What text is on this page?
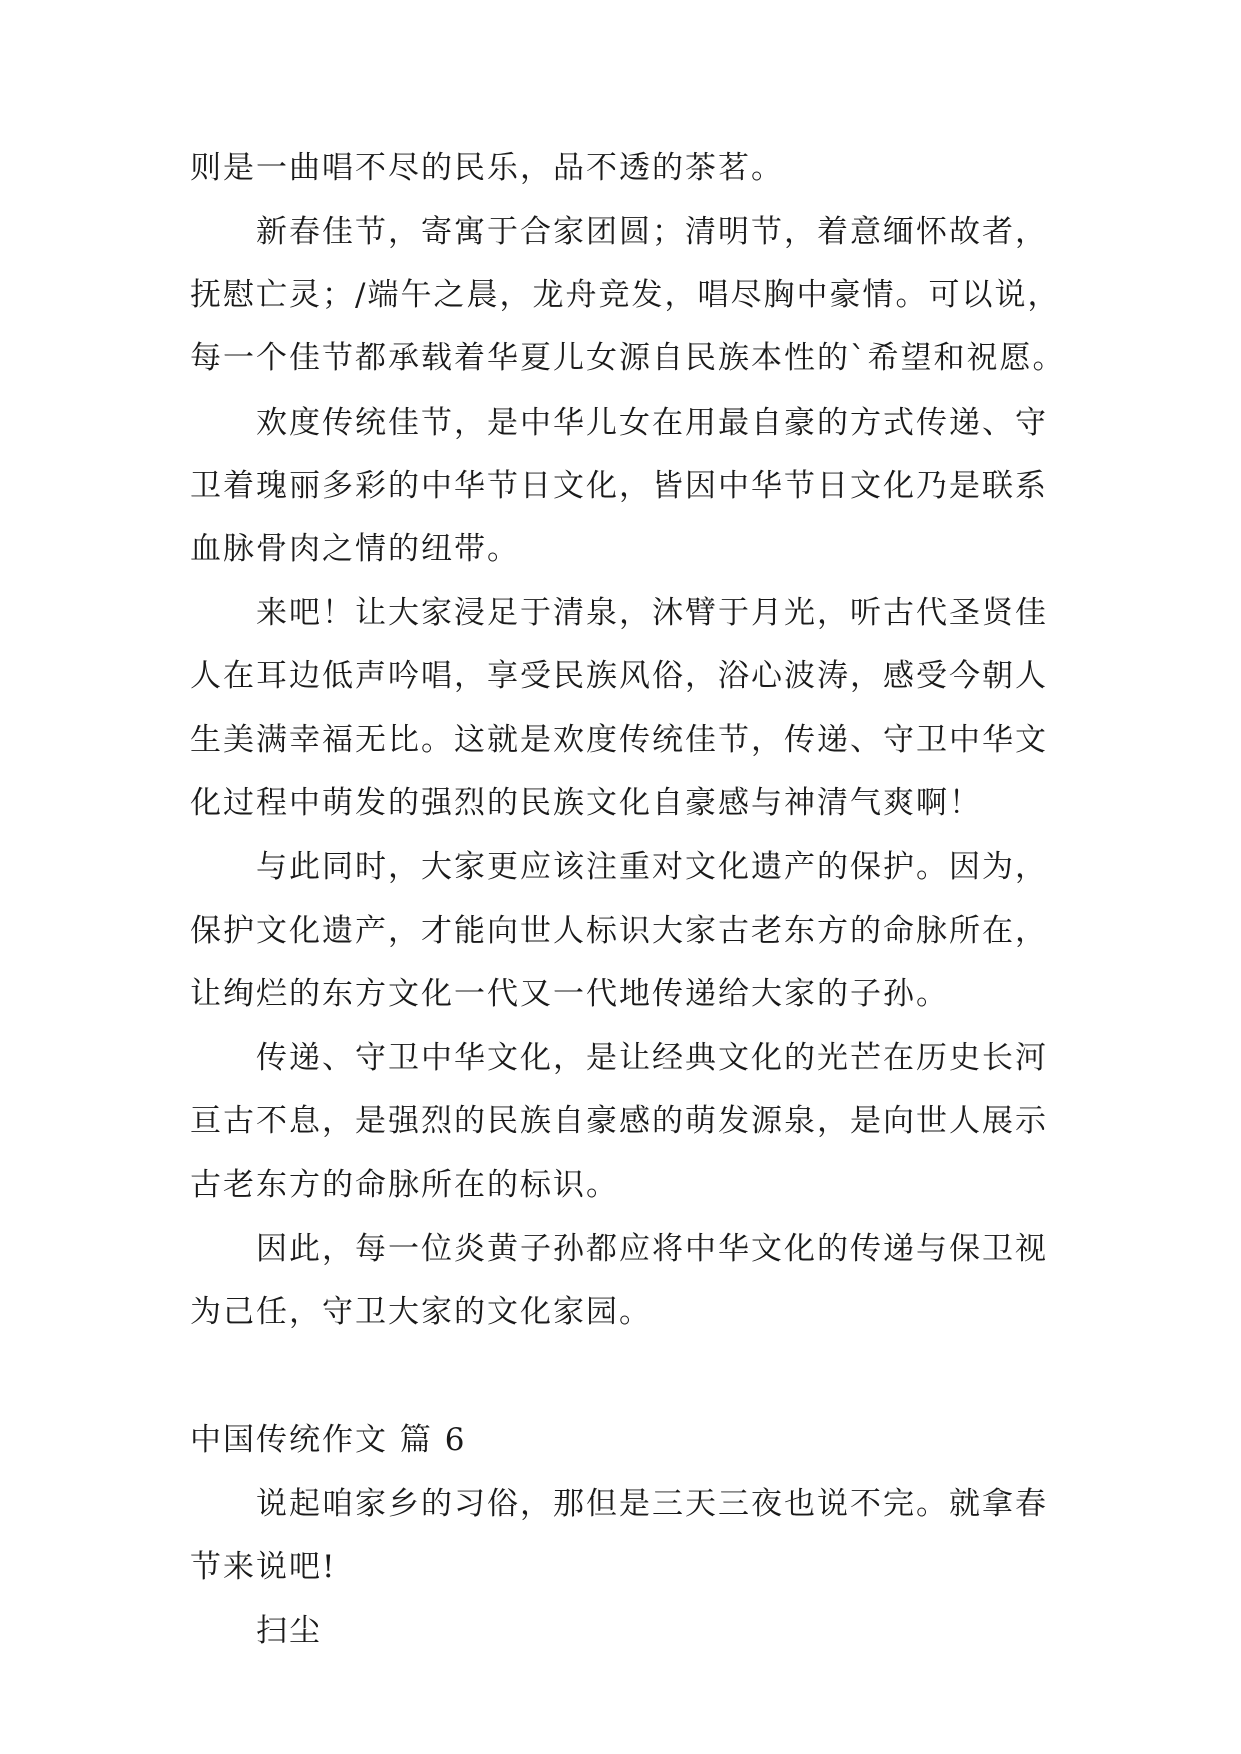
则是一曲唱不尽的民乐，品不透的茶茗。
新春佳节，寄寓于合家团圆；清明节，着意缅怀故者，
抚慰亡灵；/端午之晨，龙舟竞发，唱尽胸中豪情。可以说，
每一个佳节都承载着华夏儿女源自民族本性的`希望和祝愿。
欢度传统佳节，是中华儿女在用最自豪的方式传递、守
卫着瑰丽多彩的中华节日文化，皆因中华节日文化乃是联系
血脉骨肉之情的纽带。
来吧！让大家浸足于清泉，沐臂于月光，听古代圣贤佳
人在耳边低声吟唱，享受民族风俗，浴心波涛，感受今朝人
生美满幸福无比。这就是欢度传统佳节，传递、守卫中华文
化过程中萌发的强烈的民族文化自豪感与神清气爽啊！
与此同时，大家更应该注重对文化遗产的保护。因为，
保护文化遗产，才能向世人标识大家古老东方的命脉所在，
让绚烂的东方文化一代又一代地传递给大家的子孙。
传递、守卫中华文化，是让经典文化的光芒在历史长河
亘古不息，是强烈的民族自豪感的萌发源泉，是向世人展示
古老东方的命脉所在的标识。
因此，每一位炎黄子孙都应将中华文化的传递与保卫视
为己任，守卫大家的文化家园。
中国传统作文 篇 6
说起咱家乡的习俗，那但是三天三夜也说不完。就拿春
节来说吧!
扫尘
